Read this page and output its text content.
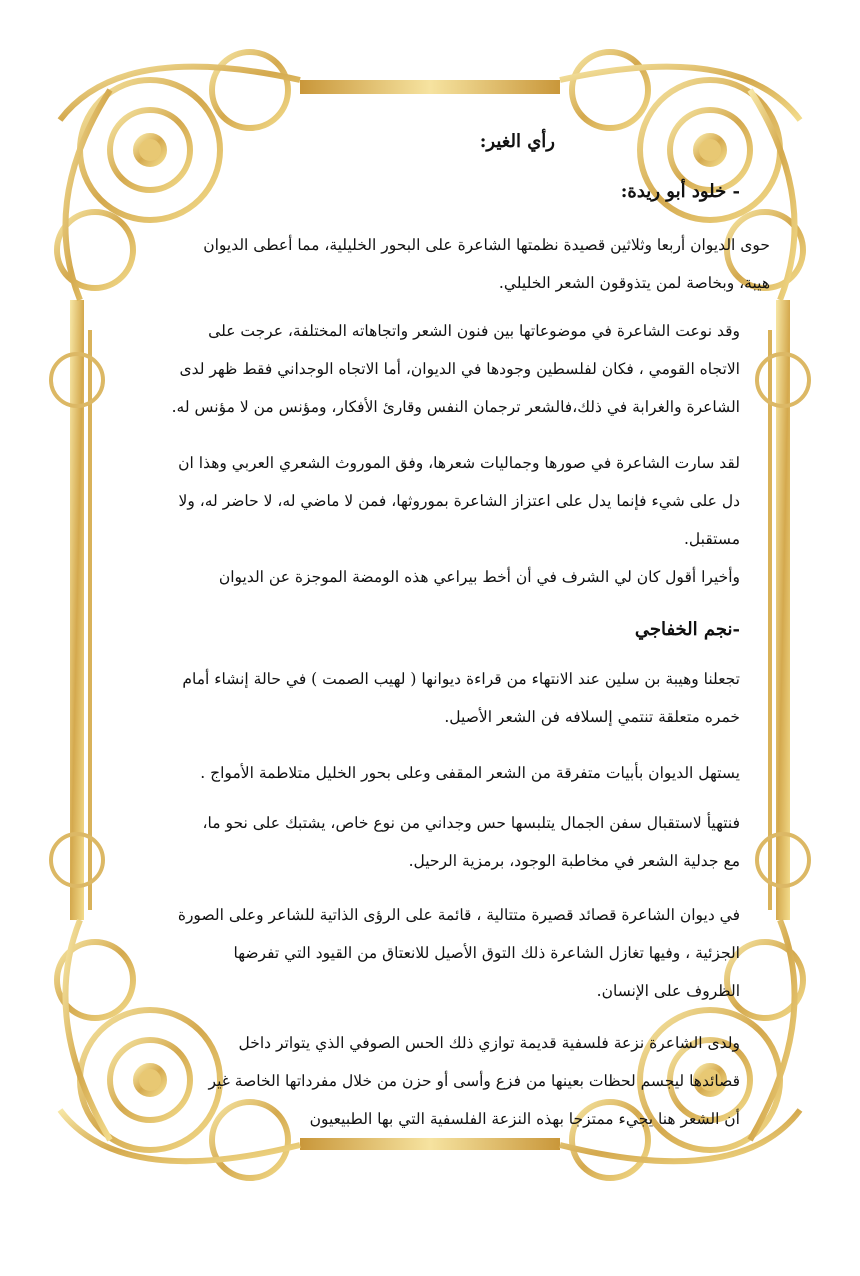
رأي الغير:
- خلود أبو ريدة:

حوى الديوان أربعا وثلاثين قصيدة نظمتها الشاعرة على البحور الخليلية، مما أعطى الديوان
هيبة، وبخاصة لمن يتذوقون الشعر الخليلي.

وقد نوعت الشاعرة في موضوعاتها بين فنون الشعر واتجاهاته المختلفة، عرجت على
الاتجاه القومي ، فكان لفلسطين وجودها في الديوان، أما الاتجاه الوجداني فقط ظهر لدى
الشاعرة والغرابة في ذلك،فالشعر ترجمان النفس وقارئ الأفكار، ومؤنس من لا مؤنس له.

لقد سارت الشاعرة في صورها وجماليات شعرها، وفق الموروث الشعري العربي وهذا ان
دل على شيء فإنما يدل على اعتزاز الشاعرة بموروثها، فمن لا ماضي له، لا حاضر له، ولا
مستقبل.

وأخيرا أقول كان لي الشرف في أن أخط بيراعي هذه الومضة الموجزة عن الديوان

-نجم الخفاجي

تجعلنا وهيبة بن سلين عند الانتهاء من قراءة ديوانها ( لهيب الصمت ) في حالة إنشاء أمام
خمره متعلقة تنتمي إلسلافه فن الشعر الأصيل.

يستهل الديوان بأبيات متفرقة من الشعر المقفى وعلى بحور الخليل متلاطمة الأمواج .

فنتهيأ لاستقبال سفن الجمال يتلبسها حس وجداني من نوع خاص، يشتبك على نحو ما،
مع جدلية الشعر في مخاطبة الوجود، برمزية الرحيل.

في ديوان الشاعرة قصائد قصيرة متتالية ، قائمة على الرؤى الذاتية للشاعر وعلى الصورة
الجزئية ، وفيها تغازل الشاعرة ذلك التوق الأصيل للانعتاق من القيود التي تفرضها
الظروف على الإنسان.

ولدى الشاعرة نزعة فلسفية قديمة توازي ذلك الحس الصوفي الذي يتواتر داخل
قصائدها ليجسم لحظات بعينها من فزع وأسى أو حزن من خلال مفرداتها الخاصة غير
أن الشعر هنا يجيء ممتزجا بهذه النزعة الفلسفية التي بها الطبيعيون
